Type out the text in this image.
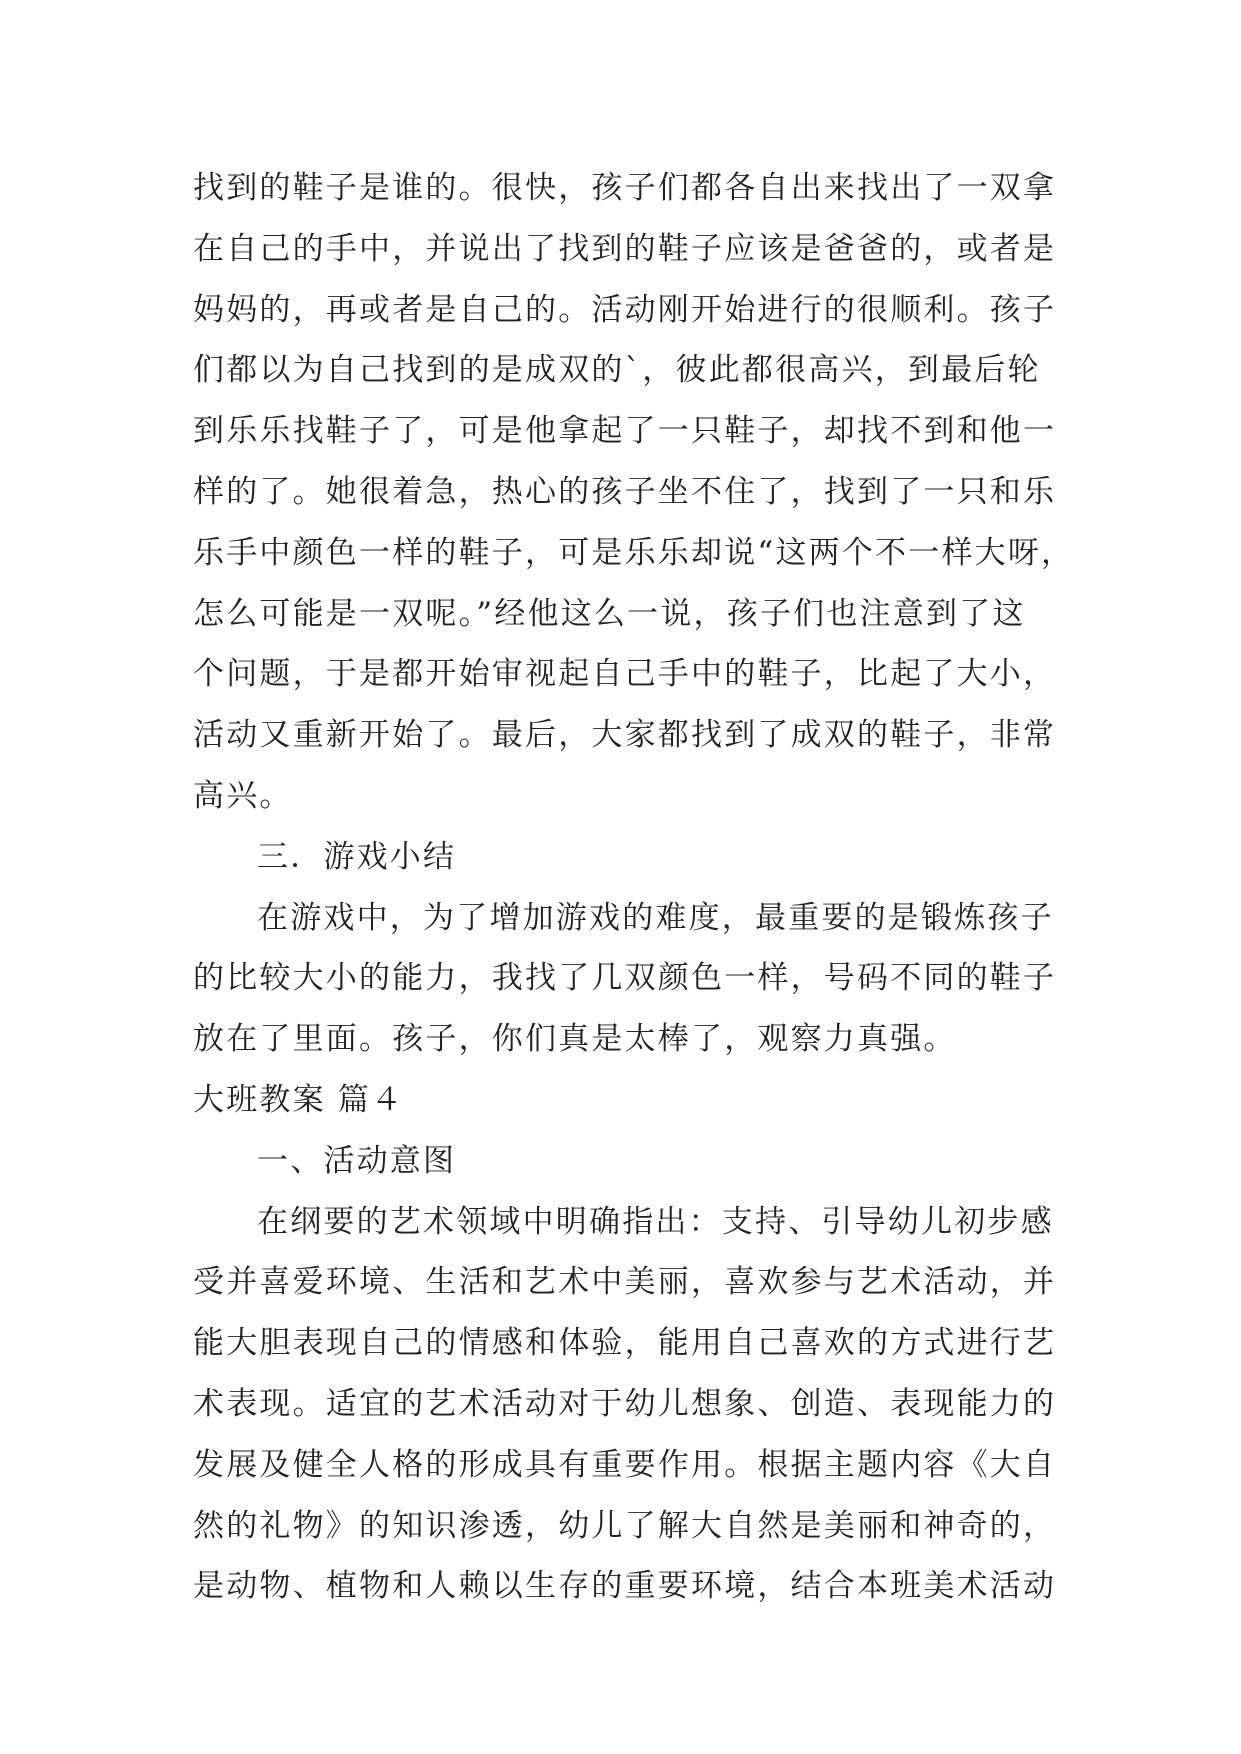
找到的鞋子是谁的。很快，孩子们都各自出来找出了一双拿
在自己的手中，并说出了找到的鞋子应该是爸爸的，或者是
妈妈的，再或者是自己的。活动刚开始进行的很顺利。孩子
们都以为自己找到的是成双的`，彼此都很高兴，到最后轮
到乐乐找鞋子了，可是他拿起了一只鞋子，却找不到和他一
样的了。她很着急，热心的孩子坐不住了，找到了一只和乐
乐手中颜色一样的鞋子，可是乐乐却说“这两个不一样大呀，
怎么可能是一双呢。”经他这么一说，孩子们也注意到了这
个问题，于是都开始审视起自己手中的鞋子，比起了大小，
活动又重新开始了。最后，大家都找到了成双的鞋子，非常
高兴。
三．游戏小结
在游戏中，为了增加游戏的难度，最重要的是锻炼孩子
的比较大小的能力，我找了几双颜色一样，号码不同的鞋子
放在了里面。孩子，你们真是太棒了，观察力真强。
大班教案 篇４
一、活动意图
在纲要的艺术领域中明确指出：支持、引导幼儿初步感
受并喜爱环境、生活和艺术中美丽，喜欢参与艺术活动，并
能大胆表现自己的情感和体验，能用自己喜欢的方式进行艺
术表现。适宜的艺术活动对于幼儿想象、创造、表现能力的
发展及健全人格的形成具有重要作用。根据主题内容《大自
然的礼物》的知识渗透，幼儿了解大自然是美丽和神奇的，
是动物、植物和人赖以生存的重要环境，结合本班美术活动
